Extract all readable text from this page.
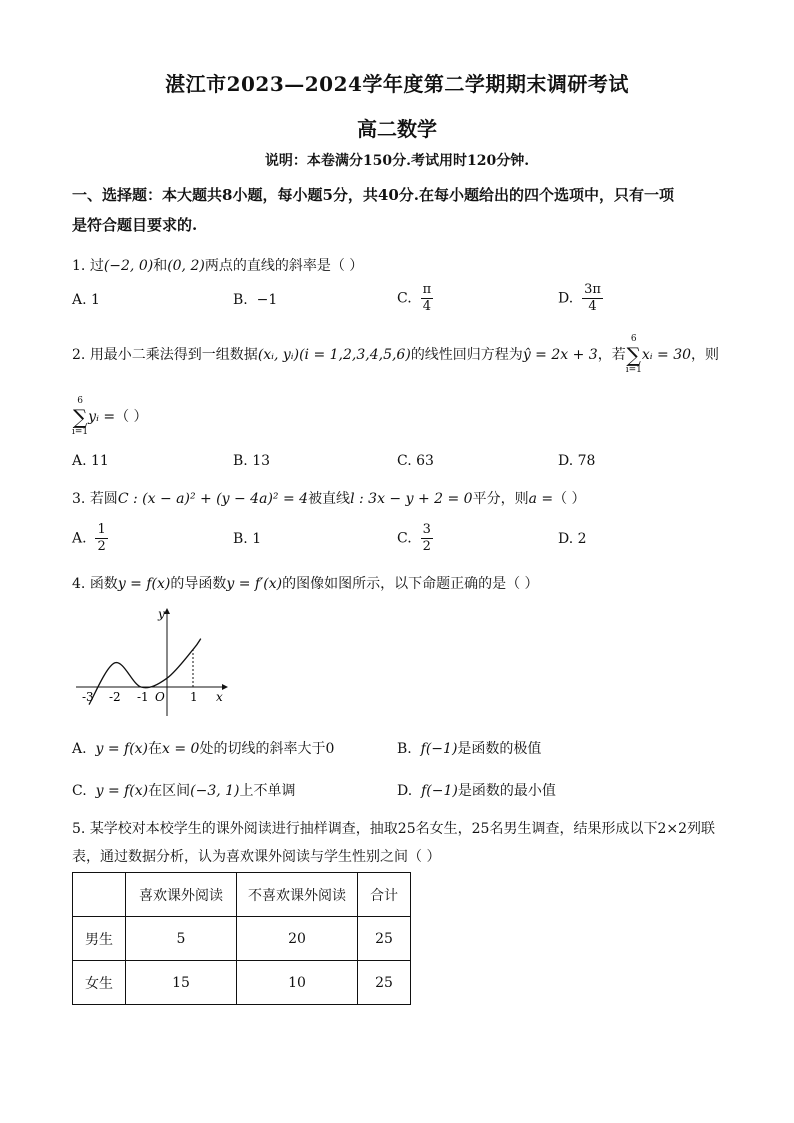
湛江市2023—2024学年度第二学期期末调研考试
高二数学
说明：本卷满分150分.考试用时120分钟.
一、选择题：本大题共8小题，每小题5分，共40分.在每小题给出的四个选项中，只有一项
是符合题目要求的.
1. 过(−2, 0)和(0, 2)两点的直线的斜率是（ ）
A. 1	B. −1	C. $\frac{\pi}{4}$	D. $\frac{3\pi}{4}$
2. 用最小二乘法得到一组数据(xᵢ, yᵢ)(i = 1,2,3,4,5,6)的线性回归方程为ŷ = 2x + 3，若
6
∑
i=1
xᵢ = 30，则
6
∑
i=1
yᵢ =（ ）
A. 11	B. 13	C. 63	D. 78
3. 若圆C : (x − a)² + (y − 4a)² = 4被直线l : 3x − y + 2 = 0平分，则a =（ ）
A. $\frac{1}{2}$	B. 1	C. $\frac{3}{2}$	D. 2
4. 函数y = f(x)的导函数y = f′(x)的图像如图所示，以下命题正确的是（ ）
y
x
O
-3 -2 -1	1
A. y = f(x)在x = 0处的切线的斜率大于0	B. f(−1)是函数的极值
C. y = f(x)在区间(−3, 1)上不单调	D. f(−1)是函数的最小值
5. 某学校对本校学生的课外阅读进行抽样调查，抽取25名女生，25名男生调查，结果形成以下2×2列联
表，通过数据分析，认为喜欢课外阅读与学生性别之间（ ）
	喜欢课外阅读	不喜欢课外阅读	合计
男生	5	20	25
女生	15	10	25
